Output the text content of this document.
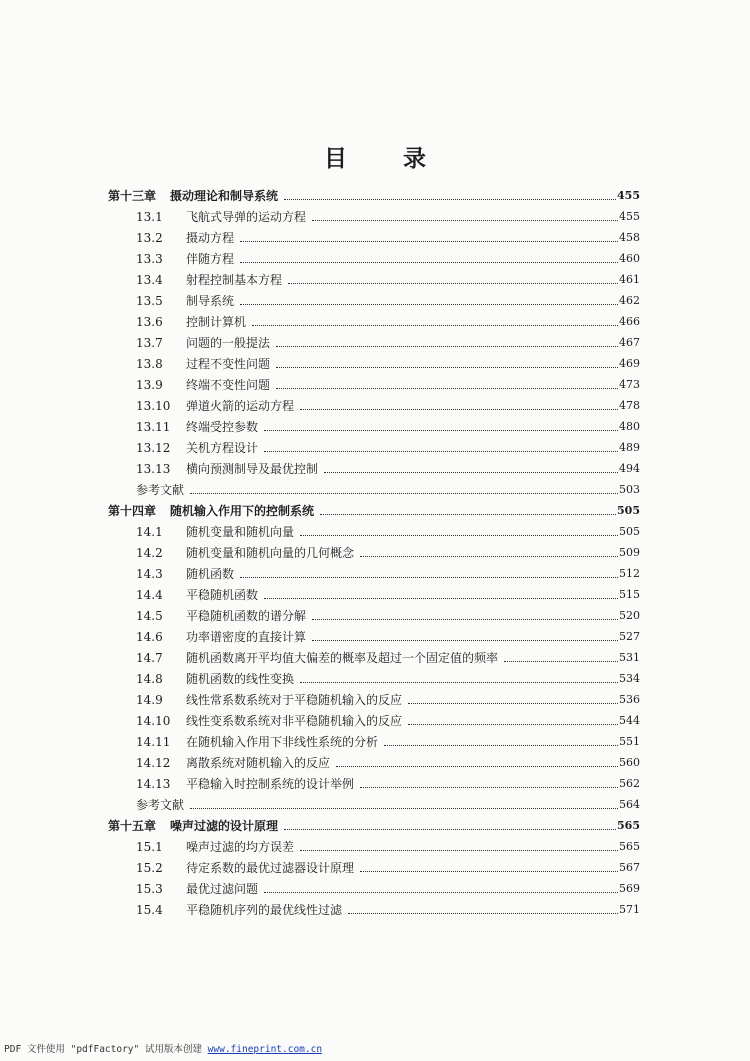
目录
第十三章 摄动理论和制导系统	455
13.1	飞航式导弹的运动方程	455
13.2	摄动方程	458
13.3	伴随方程	460
13.4	射程控制基本方程	461
13.5	制导系统	462
13.6	控制计算机	466
13.7	问题的一般提法	467
13.8	过程不变性问题	469
13.9	终端不变性问题	473
13.10	弹道火箭的运动方程	478
13.11	终端受控参数	480
13.12	关机方程设计	489
13.13	横向预测制导及最优控制	494
参考文献	503
第十四章 随机输入作用下的控制系统	505
14.1	随机变量和随机向量	505
14.2	随机变量和随机向量的几何概念	509
14.3	随机函数	512
14.4	平稳随机函数	515
14.5	平稳随机函数的谱分解	520
14.6	功率谱密度的直接计算	527
14.7	随机函数离开平均值大偏差的概率及超过一个固定值的频率	531
14.8	随机函数的线性变换	534
14.9	线性常系数系统对于平稳随机输入的反应	536
14.10	线性变系数系统对非平稳随机输入的反应	544
14.11	在随机输入作用下非线性系统的分析	551
14.12	离散系统对随机输入的反应	560
14.13	平稳输入时控制系统的设计举例	562
参考文献	564
第十五章 噪声过滤的设计原理	565
15.1	噪声过滤的均方误差	565
15.2	待定系数的最优过滤器设计原理	567
15.3	最优过滤问题	569
15.4	平稳随机序列的最优线性过滤	571
PDF 文件使用 "pdfFactory" 试用版本创建 www.fineprint.com.cn
